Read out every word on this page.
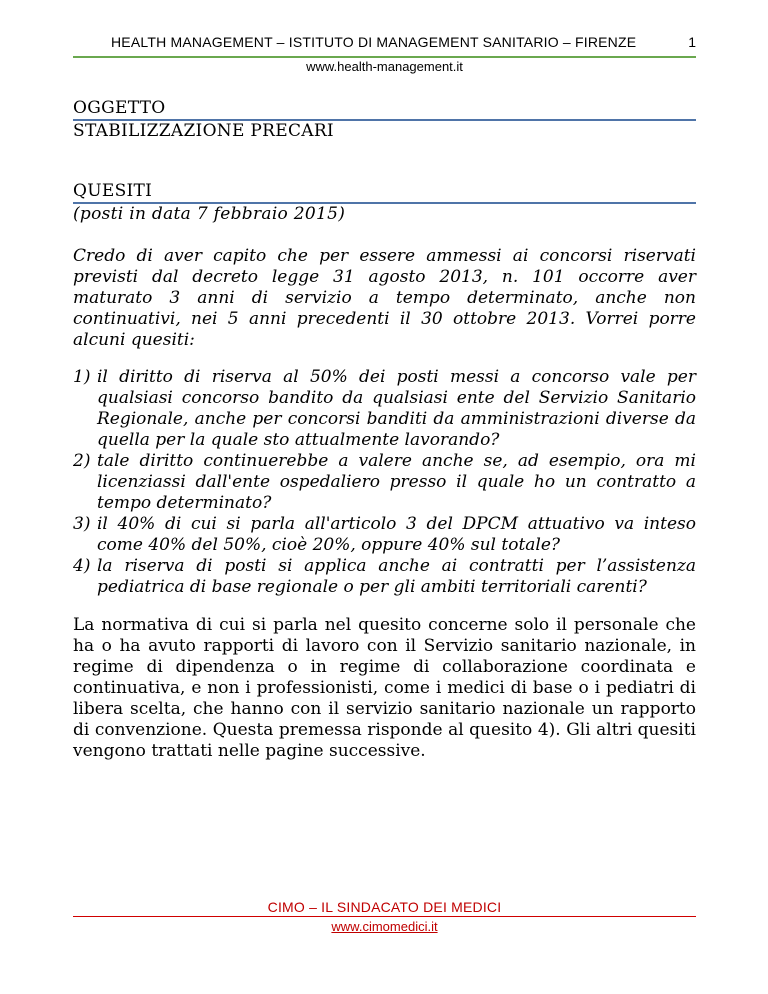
HEALTH MANAGEMENT – ISTITUTO DI MANAGEMENT SANITARIO – FIRENZE	1
www.health-management.it
OGGETTO

STABILIZZAZIONE PRECARI

QUESITI

(posti in data 7 febbraio 2015)

Credo di aver capito che per essere ammessi ai concorsi riservati previsti dal decreto legge 31 agosto 2013, n. 101 occorre aver maturato 3 anni di servizio a tempo determinato, anche non continuativi, nei 5 anni precedenti il 30 ottobre 2013. Vorrei porre alcuni quesiti:

1) il diritto di riserva al 50% dei posti messi a concorso vale per qualsiasi concorso bandito da qualsiasi ente del Servizio Sanitario Regionale, anche per concorsi banditi da amministrazioni diverse da quella per la quale sto attualmente lavorando?
2) tale diritto continuerebbe a valere anche se, ad esempio, ora mi licenziassi dall'ente ospedaliero presso il quale ho un contratto a tempo determinato?
3) il 40% di cui si parla all'articolo 3 del DPCM attuativo va inteso come 40% del 50%, cioè 20%, oppure 40% sul totale?
4) la riserva di posti si applica anche ai contratti per l’assistenza pediatrica di base regionale o per gli ambiti territoriali carenti?

La normativa di cui si parla nel quesito concerne solo il personale che ha o ha avuto rapporti di lavoro con il Servizio sanitario nazionale, in regime di dipendenza o in regime di collaborazione coordinata e continuativa, e non i professionisti, come i medici di base o i pediatri di libera scelta, che hanno con il servizio sanitario nazionale un rapporto di convenzione. Questa premessa risponde al quesito 4). Gli altri quesiti vengono trattati nelle pagine successive.

CIMO – IL SINDACATO DEI MEDICI
www.cimomedici.it
